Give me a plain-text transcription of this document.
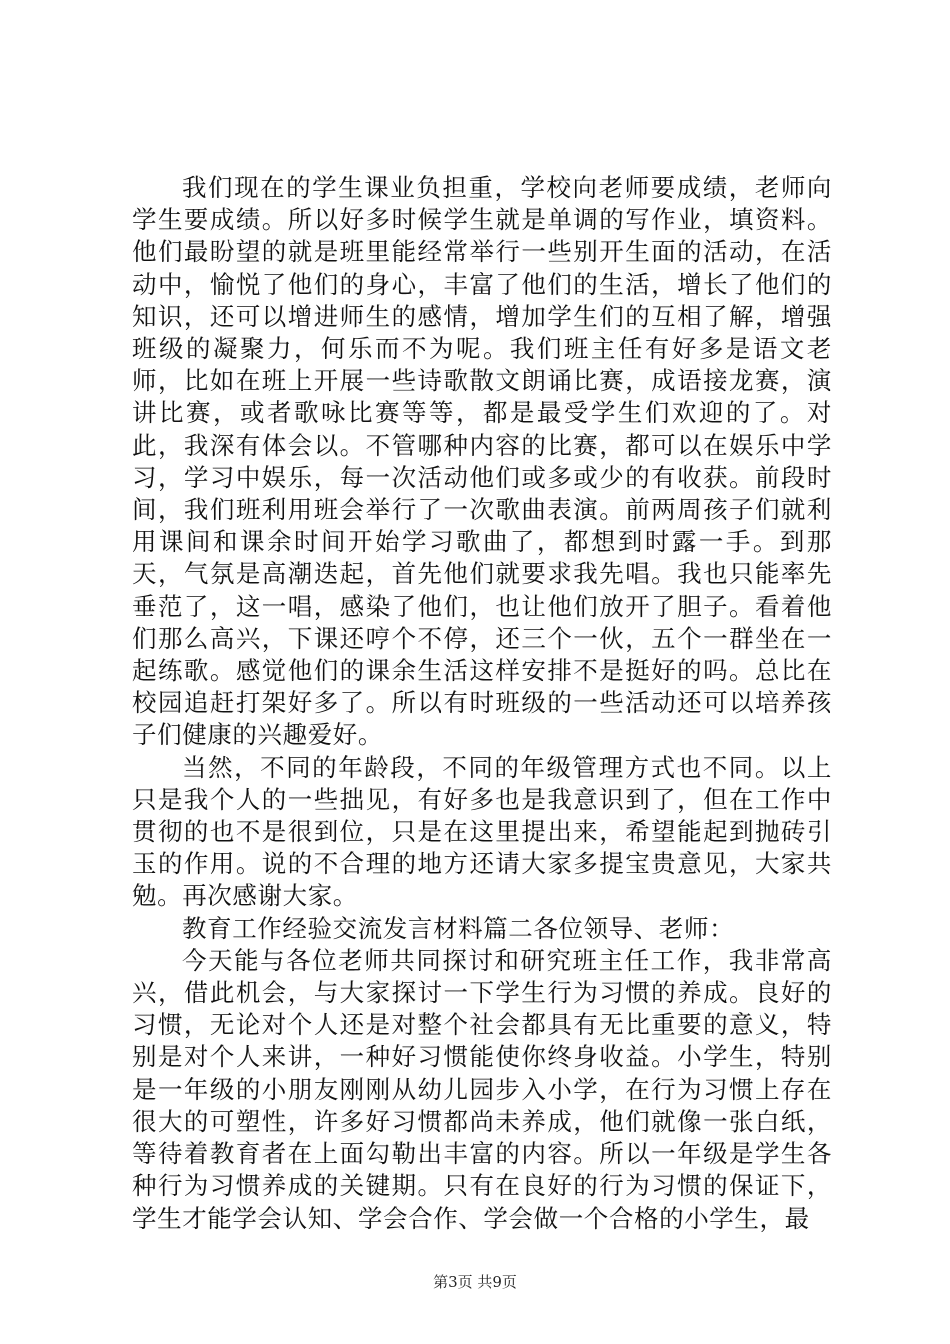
我们现在的学生课业负担重，学校向老师要成绩，老师向学生要成绩。所以好多时候学生就是单调的写作业，填资料。他们最盼望的就是班里能经常举行一些别开生面的活动，在活动中，愉悦了他们的身心，丰富了他们的生活，增长了他们的知识，还可以增进师生的感情，增加学生们的互相了解，增强班级的凝聚力，何乐而不为呢。我们班主任有好多是语文老师，比如在班上开展一些诗歌散文朗诵比赛，成语接龙赛，演讲比赛，或者歌咏比赛等等，都是最受学生们欢迎的了。对此，我深有体会以。不管哪种内容的比赛，都可以在娱乐中学习，学习中娱乐，每一次活动他们或多或少的有收获。前段时间，我们班利用班会举行了一次歌曲表演。前两周孩子们就利用课间和课余时间开始学习歌曲了，都想到时露一手。到那天，气氛是高潮迭起，首先他们就要求我先唱。我也只能率先垂范了，这一唱，感染了他们，也让他们放开了胆子。看着他们那么高兴，下课还哼个不停，还三个一伙，五个一群坐在一起练歌。感觉他们的课余生活这样安排不是挺好的吗。总比在校园追赶打架好多了。所以有时班级的一些活动还可以培养孩子们健康的兴趣爱好。

当然，不同的年龄段，不同的年级管理方式也不同。以上只是我个人的一些拙见，有好多也是我意识到了，但在工作中贯彻的也不是很到位，只是在这里提出来，希望能起到抛砖引玉的作用。说的不合理的地方还请大家多提宝贵意见，大家共勉。再次感谢大家。

教育工作经验交流发言材料篇二各位领导、老师：

今天能与各位老师共同探讨和研究班主任工作，我非常高兴，借此机会，与大家探讨一下学生行为习惯的养成。良好的习惯，无论对个人还是对整个社会都具有无比重要的意义，特别是对个人来讲，一种好习惯能使你终身收益。小学生，特别是一年级的小朋友刚刚从幼儿园步入小学，在行为习惯上存在很大的可塑性，许多好习惯都尚未养成，他们就像一张白纸，等待着教育者在上面勾勒出丰富的内容。所以一年级是学生各种行为习惯养成的关键期。只有在良好的行为习惯的保证下，学生才能学会认知、学会合作、学会做一个合格的小学生，最

第3页 共9页
